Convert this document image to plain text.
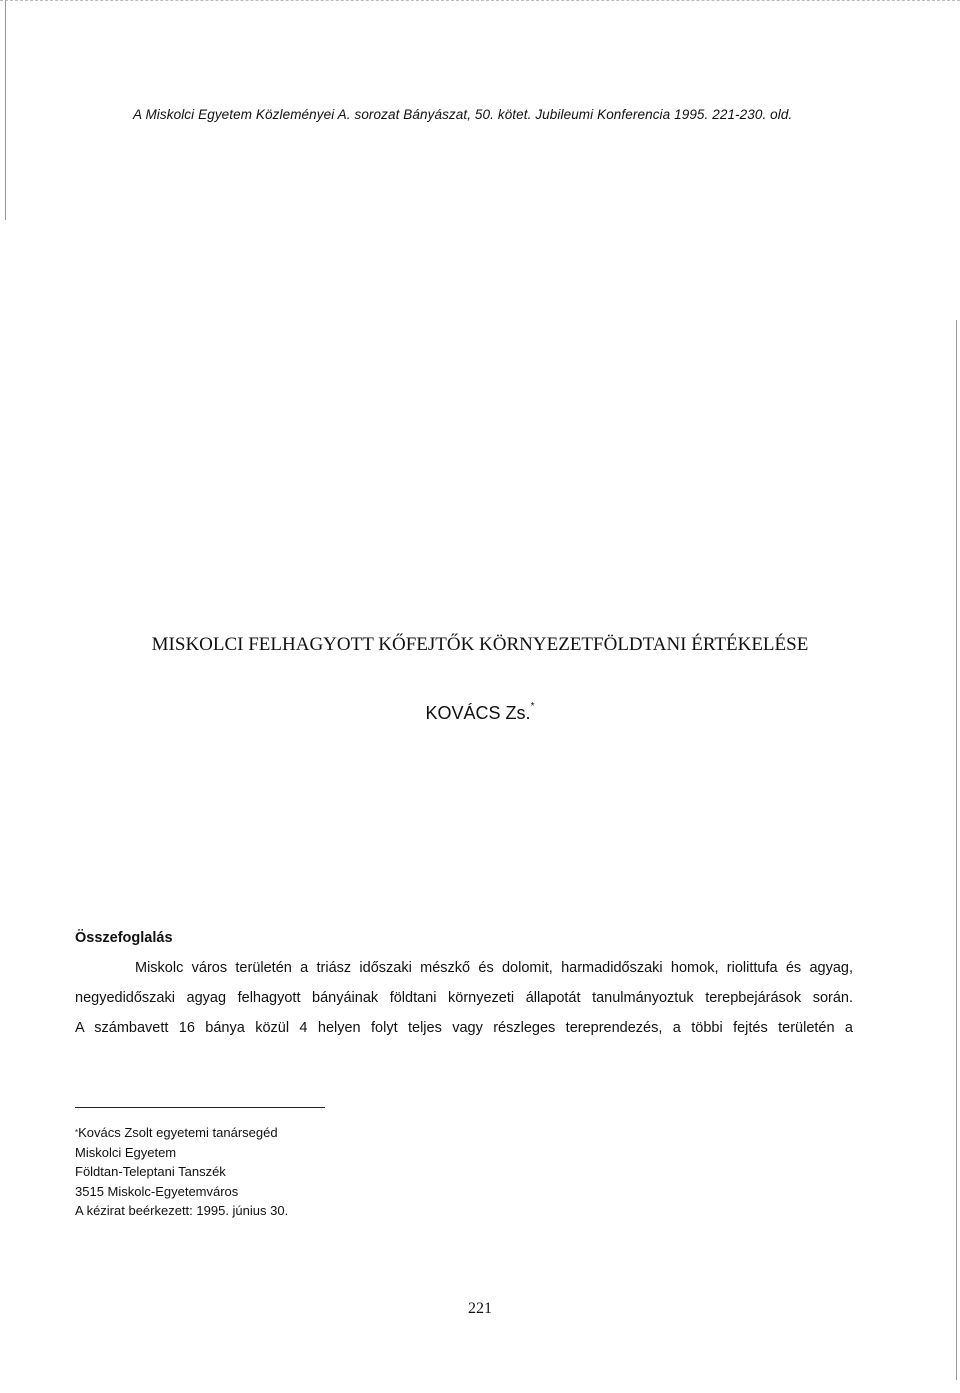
A Miskolci Egyetem Közleményei A. sorozat Bányászat, 50. kötet. Jubileumi Konferencia 1995. 221-230. old.
MISKOLCI FELHAGYOTT KŐFEJTŐK KÖRNYEZETFÖLDTANI ÉRTÉKELÉSE
KOVÁCS Zs.*
Összefoglalás
Miskolc város területén a triász időszaki mészkő és dolomit, harmadidőszaki homok, riolittufa és agyag,
negyedidőszaki agyag felhagyott bányáinak földtani környezeti állapotát tanulmányoztuk terepbejárások során.
A számbavett 16 bánya közül 4 helyen folyt teljes vagy részleges tereprendezés, a többi fejtés területén a
*Kovács Zsolt egyetemi tanársegéd
Miskolci Egyetem
Földtan-Teleptani Tanszék
3515 Miskolc-Egyetemváros
A kézirat beérkezett: 1995. június 30.
221
